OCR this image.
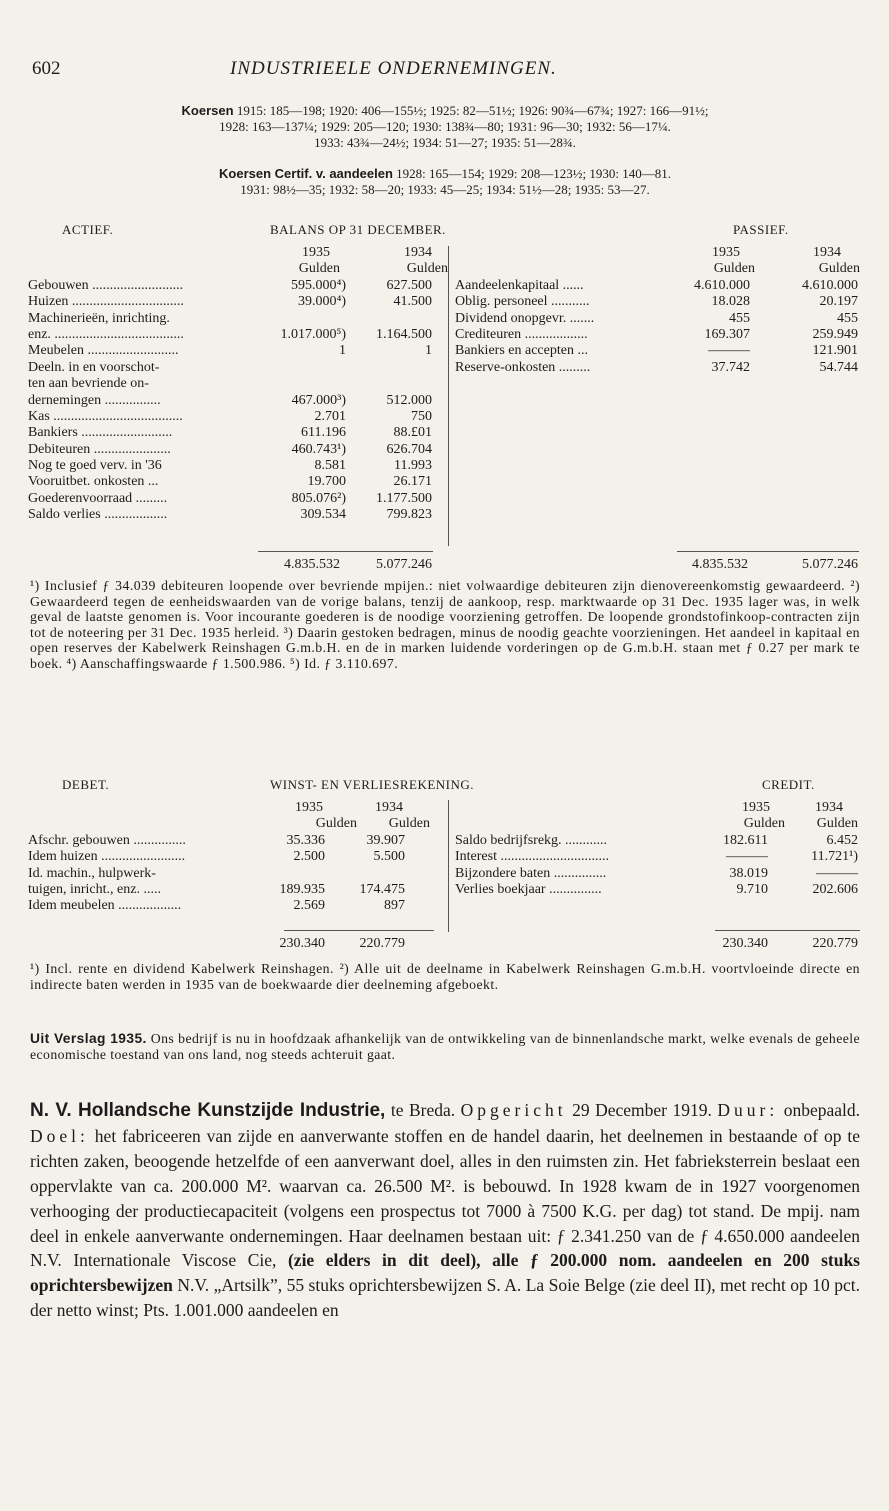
602	INDUSTRIEELE ONDERNEMINGEN.
Koersen 1915: 185—198; 1920: 406—155½; 1925: 82—51½; 1926: 90¾—67¾; 1927: 166—91½;
1928: 163—137¼; 1929: 205—120; 1930: 138¾—80; 1931: 96—30; 1932: 56—17¼.
1933: 43¾—24½; 1934: 51—27; 1935: 51—28¾.
Koersen Certif. v. aandeelen 1928: 165—154; 1929: 208—123½; 1930: 140—81.
1931: 98½—35; 1932: 58—20; 1933: 45—25; 1934: 51½—28; 1935: 53—27.
ACTIEF.	BALANS OP 31 DECEMBER.	PASSIEF.
1935	1934
Gulden	Gulden
Gebouwen ..........................	595.000⁴)	627.500
Huizen ................................	39.000⁴)	41.500
Machinerieën, inrichting.
enz. .....................................	1.017.000⁵) 1.164.500
Meubelen ..........................	1	1
Deeln. in en voorschot-
ten aan bevriende on-
dernemingen ................	467.000³)	512.000
Kas .....................................	2.701	750
Bankiers ..........................	611.196	88.£01
Debiteuren ......................	460.743¹)	626.704
Nog te goed verv. in '36	8.581	11.993
Vooruitbet. onkosten ...	19.700	26.171
Goederenvoorraad .........	805.076²) 1.177.500
Saldo verlies ..................	309.534	799.823
1935	1934
Gulden	Gulden
Aandeelenkapitaal ......	4.610.000	4.610.000
Oblig. personeel ...........	18.028	20.197
Dividend onopgevr. .......	455	455
Crediteuren ..................	169.307	259.949
Bankiers en accepten ...	———	121.901
Reserve-onkosten .........	37.742	54.744
4.835.532	5.077.246	4.835.532	5.077.246
¹) Inclusief ƒ 34.039 debiteuren loopende over bevriende mpijen.: niet volwaardige debiteuren zijn dienovereenkomstig gewaardeerd. ²) Gewaardeerd tegen de eenheidswaarden van de vorige balans, tenzij de aankoop, resp. marktwaarde op 31 Dec. 1935 lager was, in welk geval de laatste genomen is. Voor incourante goederen is de noodige voorziening getroffen. De loopende grondstofinkoop-contracten zijn tot de noteering per 31 Dec. 1935 herleid. ³) Daarin gestoken bedragen, minus de noodig geachte voorzieningen. Het aandeel in kapitaal en open reserves der Kabelwerk Reinshagen G.m.b.H. en de in marken luidende vorderingen op de G.m.b.H. staan met ƒ 0.27 per mark te boek. ⁴) Aanschaffingswaarde ƒ 1.500.986. ⁵) Id. ƒ 3.110.697.
DEBET.	WINST- EN VERLIESREKENING.	CREDIT.
1935	1934
Gulden Gulden
Afschr. gebouwen ...............	35.336	39.907
Idem huizen ........................	2.500	5.500
Id. machin., hulpwerk-
tuigen, inricht., enz. .....	189.935 174.475
Idem meubelen ..................	2.569	897
1935	1934
Gulden Gulden
Saldo bedrijfsrekg. ............	182.611	6.452
Interest ...............................	———	11.721¹)
Bijzondere baten ...............	38.019	———
Verlies boekjaar ...............	9.710	202.606
230.340 220.779	230.340	220.779
¹) Incl. rente en dividend Kabelwerk Reinshagen. ²) Alle uit de deelname in Kabelwerk Reinshagen G.m.b.H. voortvloeinde directe en indirecte baten werden in 1935 van de boekwaarde dier deelneming afgeboekt.
Uit Verslag 1935. Ons bedrijf is nu in hoofdzaak afhankelijk van de ontwikkeling van de binnenlandsche markt, welke evenals de geheele economische toestand van ons land, nog steeds achteruit gaat.
N. V. Hollandsche Kunstzijde Industrie, te Breda. Opgericht 29 December 1919. Duur: onbepaald. Doel: het fabriceeren van zijde en aanverwante stoffen en de handel daarin, het deelnemen in bestaande of op te richten zaken, beoogende hetzelfde of een aanverwant doel, alles in den ruimsten zin. Het fabrieksterrein beslaat een oppervlakte van ca. 200.000 M². waarvan ca. 26.500 M². is bebouwd. In 1928 kwam de in 1927 voorgenomen verhooging der productiecapaciteit (volgens een prospectus tot 7000 à 7500 K.G. per dag) tot stand. De mpij. nam deel in enkele aanverwante ondernemingen. Haar deelnamen bestaan uit: ƒ 2.341.250 van de ƒ 4.650.000 aandeelen N.V. Internationale Viscose Cie, (zie elders in dit deel), alle ƒ 200.000 nom. aandeelen en 200 stuks oprichtersbewijzen N.V. „Artsilk”, 55 stuks oprichtersbewijzen S. A. La Soie Belge (zie deel II), met recht op 10 pct. der netto winst; Pts. 1.001.000 aandeelen en
